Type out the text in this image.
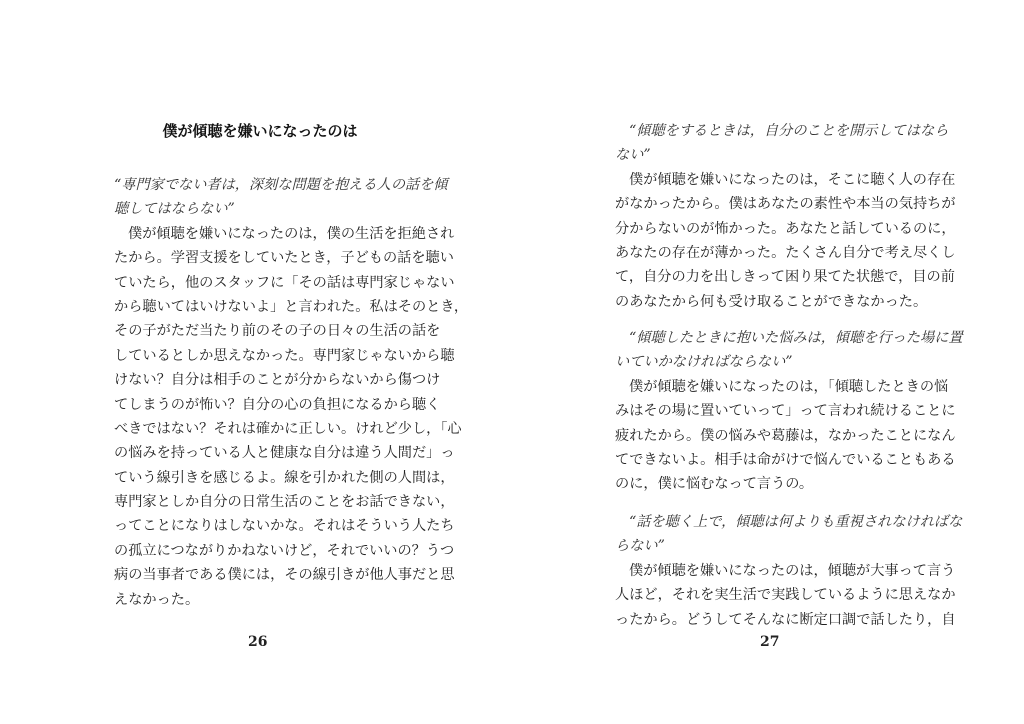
僕が傾聴を嫌いになったのは
“専門家でない者は，深刻な問題を抱える人の話を傾
聴してはならない”
僕が傾聴を嫌いになったのは，僕の生活を拒絶され
たから。学習支援をしていたとき，子どもの話を聴い
ていたら，他のスタッフに「その話は専門家じゃない
から聴いてはいけないよ」と言われた。私はそのとき，
その子がただ当たり前のその子の日々の生活の話を
しているとしか思えなかった。専門家じゃないから聴
けない？自分は相手のことが分からないから傷つけ
てしまうのが怖い？自分の心の負担になるから聴く
べきではない？それは確かに正しい。けれど少し，「心
の悩みを持っている人と健康な自分は違う人間だ」っ
ていう線引きを感じるよ。線を引かれた側の人間は，
専門家としか自分の日常生活のことをお話できない，
ってことになりはしないかな。それはそういう人たち
の孤立につながりかねないけど，それでいいの？うつ
病の当事者である僕には，その線引きが他人事だと思
えなかった。
26
“傾聴をするときは，自分のことを開示してはなら
ない”
僕が傾聴を嫌いになったのは，そこに聴く人の存在
がなかったから。僕はあなたの素性や本当の気持ちが
分からないのが怖かった。あなたと話しているのに，
あなたの存在が薄かった。たくさん自分で考え尽くし
て，自分の力を出しきって困り果てた状態で，目の前
のあなたから何も受け取ることができなかった。
“傾聴したときに抱いた悩みは，傾聴を行った場に置
いていかなければならない”
僕が傾聴を嫌いになったのは，「傾聴したときの悩
みはその場に置いていって」って言われ続けることに
疲れたから。僕の悩みや葛藤は，なかったことになん
てできないよ。相手は命がけで悩んでいることもある
のに，僕に悩むなって言うの。
“話を聴く上で，傾聴は何よりも重視されなければな
らない”
僕が傾聴を嫌いになったのは，傾聴が大事って言う
人ほど，それを実生活で実践しているように思えなか
ったから。どうしてそんなに断定口調で話したり，自
27
